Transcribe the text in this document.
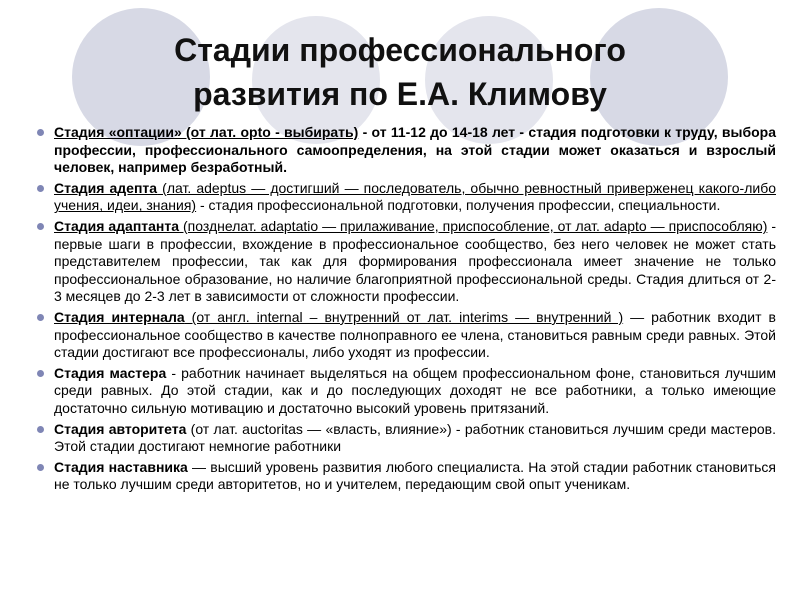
Стадии профессионального
развития по Е.А. Климову
Стадия «оптации» (от лат. opto - выбирать) - от 11-12 до 14-18 лет - стадия подготовки к труду, выбора профессии, профессионального самоопределения, на этой стадии может оказаться и взрослый человек, например безработный.
Стадия адепта (лат. adeptus — достигший — последователь, обычно ревностный приверженец какого-либо учения, идеи, знания) - стадия профессиональной подготовки, получения профессии, специальности.
Стадия адаптанта (позднелат. adaptatio — прилаживание, приспособление, от лат. adapto — приспособляю) - первые шаги в профессии, вхождение в профессиональное сообщество, без него человек не может стать представителем профессии, так как для формирования профессионала имеет значение не только профессиональное образование, но наличие благоприятной профессиональной среды. Стадия длиться от 2-3 месяцев до 2-3 лет в зависимости от сложности профессии.
Стадия интернала (от англ. internal – внутренний от лат. interims — внутренний ) — работник входит в профессиональное сообщество в качестве полноправного ее члена, становиться равным среди равных. Этой стадии достигают все профессионалы, либо уходят из профессии.
Стадия мастера - работник начинает выделяться на общем профессиональном фоне, становиться лучшим среди равных. До этой стадии, как и до последующих доходят не все работники, а только имеющие достаточно сильную мотивацию и достаточно высокий уровень притязаний.
Стадия авторитета (от лат. auctoritas — «власть, влияние») - работник становиться лучшим среди мастеров. Этой стадии достигают немногие работники
Стадия наставника — высший уровень развития любого специалиста. На этой стадии работник становиться не только лучшим среди авторитетов, но и учителем, передающим свой опыт ученикам.
